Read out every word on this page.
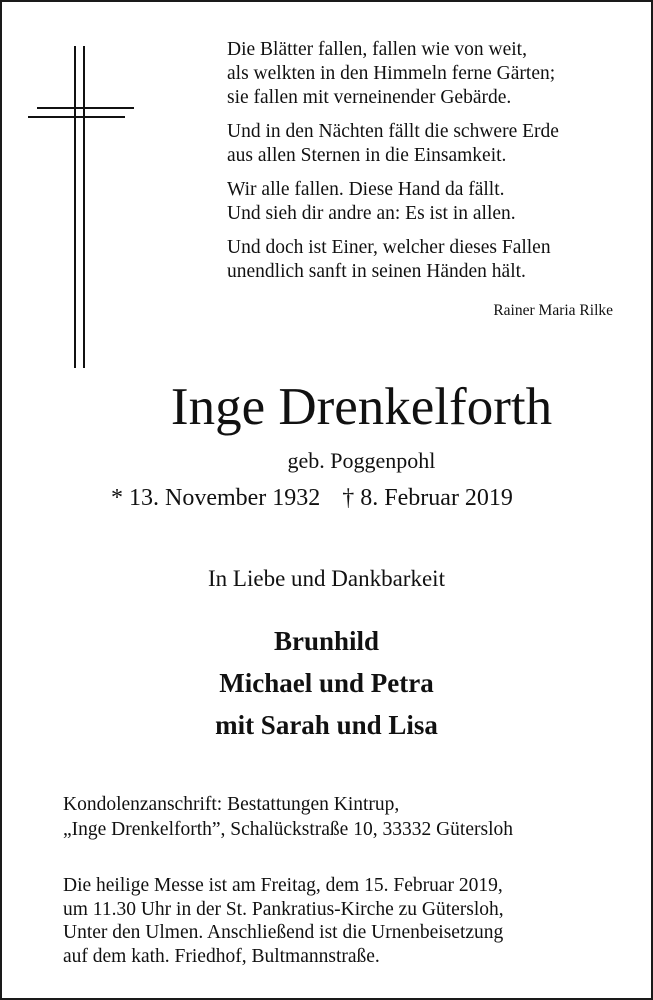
Die Blätter fallen, fallen wie von weit,
als welkten in den Himmeln ferne Gärten;
sie fallen mit verneinender Gebärde.
Und in den Nächten fällt die schwere Erde
aus allen Sternen in die Einsamkeit.
Wir alle fallen. Diese Hand da fällt.
Und sieh dir andre an: Es ist in allen.
Und doch ist Einer, welcher dieses Fallen
unendlich sanft in seinen Händen hält.
Rainer Maria Rilke
Inge Drenkelforth
geb. Poggenpohl
* 13. November 1932 † 8. Februar 2019
In Liebe und Dankbarkeit
Brunhild
Michael und Petra
mit Sarah und Lisa
Kondolenzanschrift: Bestattungen Kintrup,
„Inge Drenkelforth”, Schalückstraße 10, 33332 Gütersloh
Die heilige Messe ist am Freitag, dem 15. Februar 2019,
um 11.30 Uhr in der St. Pankratius-Kirche zu Gütersloh,
Unter den Ulmen. Anschließend ist die Urnenbeisetzung
auf dem kath. Friedhof, Bultmannstraße.
